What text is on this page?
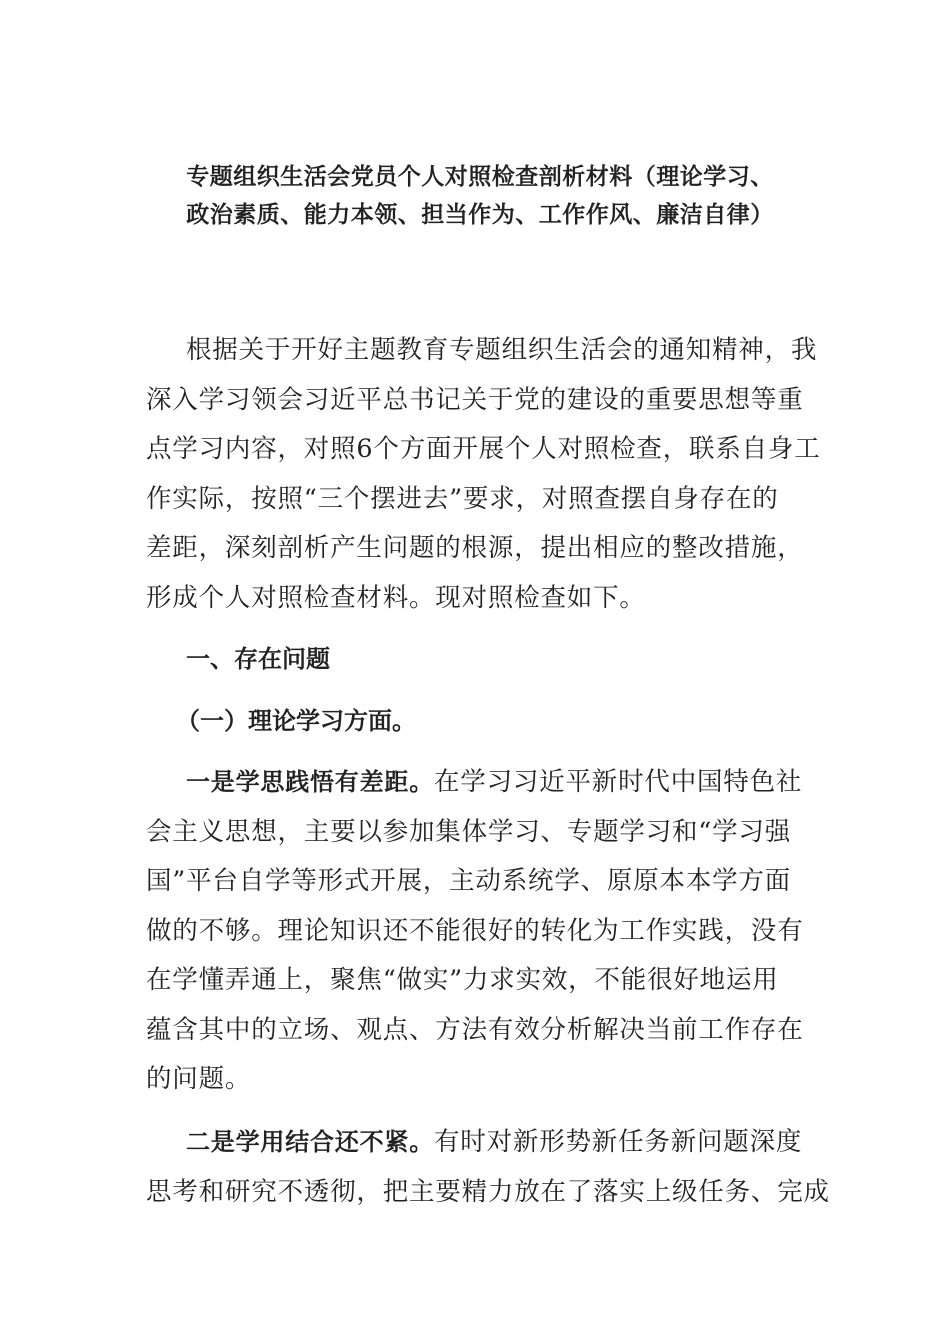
专题组织生活会党员个人对照检查剖析材料（理论学习、
政治素质、能力本领、担当作为、工作作风、廉洁自律）
根据关于开好主题教育专题组织生活会的通知精神，我
深入学习领会习近平总书记关于党的建设的重要思想等重
点学习内容，对照6个方面开展个人对照检查，联系自身工
作实际，按照“三个摆进去”要求，对照查摆自身存在的
差距，深刻剖析产生问题的根源，提出相应的整改措施，
形成个人对照检查材料。现对照检查如下。
一、存在问题
（一）理论学习方面。
一是学思践悟有差距。在学习习近平新时代中国特色社
会主义思想，主要以参加集体学习、专题学习和“学习强
国”平台自学等形式开展，主动系统学、原原本本学方面
做的不够。理论知识还不能很好的转化为工作实践，没有
在学懂弄通上，聚焦“做实”力求实效，不能很好地运用
蕴含其中的立场、观点、方法有效分析解决当前工作存在
的问题。
二是学用结合还不紧。有时对新形势新任务新问题深度
思考和研究不透彻，把主要精力放在了落实上级任务、完成
